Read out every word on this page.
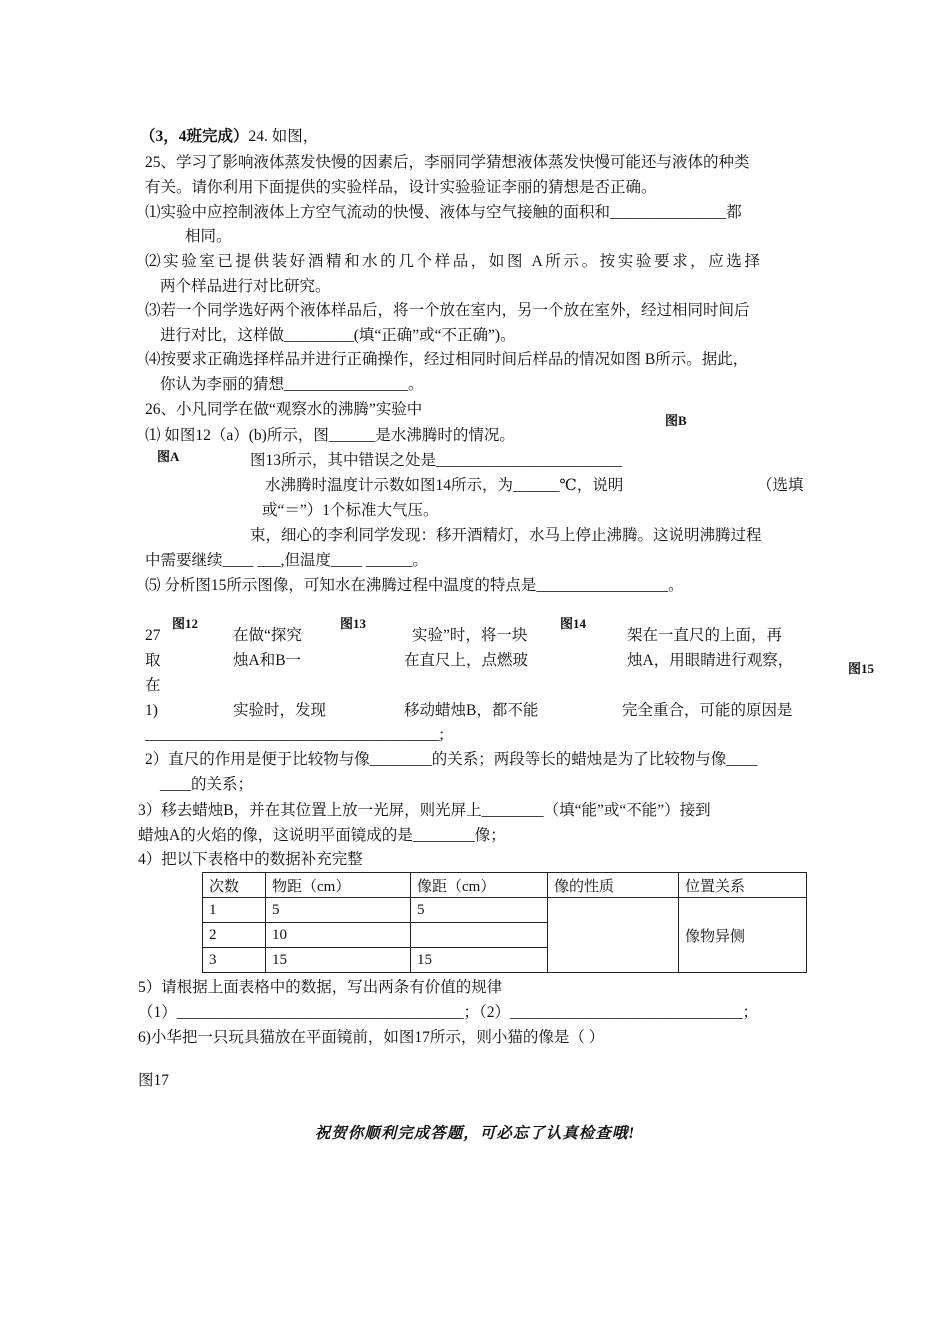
（3，4班完成）24. 如图，
25、学习了影响液体蒸发快慢的因素后，李丽同学猜想液体蒸发快慢可能还与液体的种类
有关。请你利用下面提供的实验样品，设计实验验证李丽的猜想是否正确。
⑴实验中应控制液体上方空气流动的快慢、液体与空气接触的面积和_______________都
相同。
⑵实验室已提供装好酒精和水的几个样品，如图 A所示。按实验要求，应选择
两个样品进行对比研究。
⑶若一个同学选好两个液体样品后，将一个放在室内，另一个放在室外，经过相同时间后
进行对比，这样做_________(填“正确”或“不正确”)。
⑷按要求正确选择样品并进行正确操作，经过相同时间后样品的情况如图 B所示。据此，
你认为李丽的猜想________________。
26、小凡同学在做“观察水的沸腾”实验中
图B
⑴ 如图12（a）(b)所示，图______是水沸腾时的情况。
图A	图13所示，其中错误之处是________________________
水沸腾时温度计示数如图14所示，为______℃，说明	（选填
或“＝”）1个标准大气压。
束，细心的李利同学发现：移开酒精灯，水马上停止沸腾。这说明沸腾过程
中需要继续____ ___,但温度____ ______。
⑸ 分析图15所示图像，可知水在沸腾过程中温度的特点是_________________。
图12	图13	图14
图15
27	在做“探究	实验”时，将一块	架在一直尺的上面，再
取	烛A和B一	在直尺上，点燃玻	烛A，用眼睛进行观察，
在
1)	实验时，发现	移动蜡烛B，都不能	完全重合，可能的原因是
______________________________________;
2）直尺的作用是便于比较物与像________的关系；两段等长的蜡烛是为了比较物与像____
____的关系；
3）移去蜡烛B，并在其位置上放一光屏，则光屏上________（填“能”或“不能”）接到
蜡烛A的火焰的像，这说明平面镜成的是________像；
4）把以下表格中的数据补充完整
次数	物距（cm）	像距（cm）	像的性质	位置关系
1	5	5		像物异侧
2	10			
3	15	15		
5）请根据上面表格中的数据，写出两条有价值的规律
（1）_____________________________________；（2）______________________________；
6)小华把一只玩具猫放在平面镜前，如图17所示，则小猫的像是（ ）
图17
祝贺你顺利完成答题，可必忘了认真检查哦!
